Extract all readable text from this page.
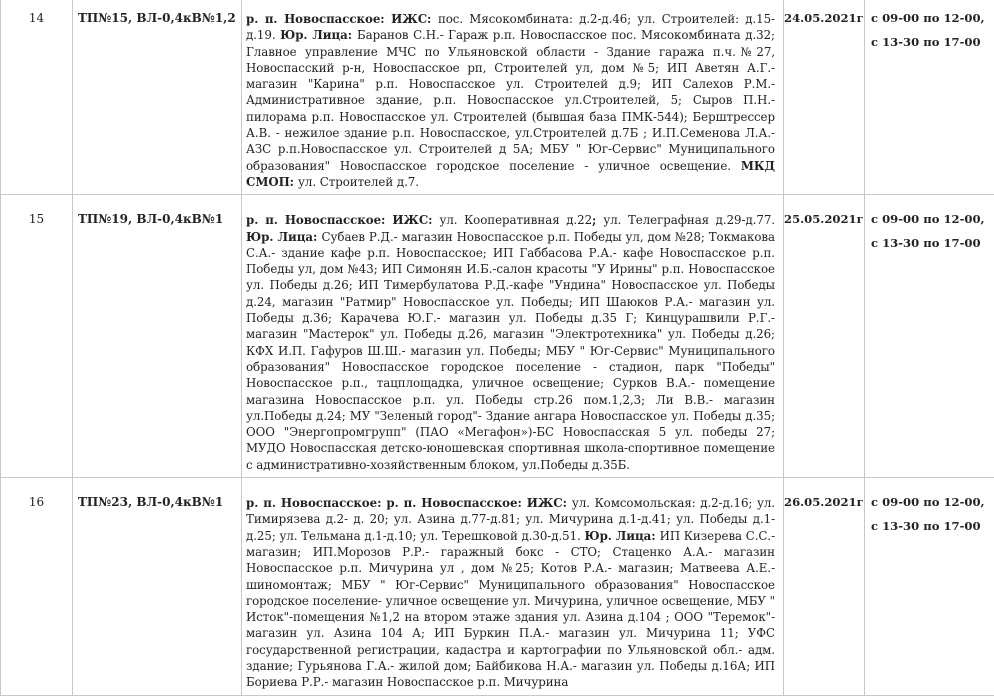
14	ТП№15, ВЛ-0,4кВ№1,2	р. п. Новоспасское: ИЖС: пос. Мясокомбината: д.2-д.46; ул. Строителей: д.15-д.19. Юр. Лица: Баранов С.Н.- Гараж р.п. Новоспасское пос. Мясокомбината д.32; Главное управление МЧС по Ульяновской области - Здание гаража п.ч.№27, Новоспасский р-н, Новоспасское рп, Строителей ул, дом №5; ИП Аветян А.Г.- магазин "Карина" р.п. Новоспасское ул. Строителей д.9; ИП Салехов Р.М.- Административное здание, р.п. Новоспасское ул.Строителей, 5; Сыров П.Н.- пилорама р.п. Новоспасское ул. Строителей (бывшая база ПМК-544); Берштрессер А.В. - нежилое здание р.п. Новоспасское, ул.Строителей д.7Б ; И.П.Семенова Л.А.- АЗС р.п.Новоспасское ул. Строителей д 5А; МБУ " Юг-Сервис" Муниципального образования" Новоспасское городское поселение - уличное освещение. МКД СМОП: ул. Строителей д.7.	24.05.2021г	с 09-00 по 12-00,
с 13-30 по 17-00

15	ТП№19, ВЛ-0,4кВ№1	р. п. Новоспасское: ИЖС: ул. Кооперативная д.22; ул. Телеграфная д.29-д.77. Юр. Лица: Субаев Р.Д.- магазин Новоспасское р.п. Победы ул, дом №28; Токмакова С.А.- здание кафе р.п. Новоспасское; ИП Габбасова Р.А.- кафе Новоспасское р.п. Победы ул, дом №43; ИП Симонян И.Б.-салон красоты "У Ирины" р.п. Новоспасское ул. Победы д.26; ИП Тимербулатова Р.Д.-кафе "Ундина" Новоспасское ул. Победы д.24, магазин "Ратмир" Новоспасское ул. Победы; ИП Шаюков Р.А.- магазин ул. Победы д.36; Карачева Ю.Г.- магазин ул. Победы д.35 Г; Кинцурашвили Р.Г.- магазин "Мастерок" ул. Победы д.26, магазин "Электротехника" ул. Победы д.26; КФХ И.П. Гафуров Ш.Ш.- магазин ул. Победы; МБУ " Юг-Сервис" Муниципального образования" Новоспасское городское поселение - стадион, парк "Победы" Новоспасское р.п., тацплощадка, уличное освещение; Сурков В.А.- помещение магазина Новоспасское р.п. ул. Победы стр.26 пом.1,2,3; Ли В.В.- магазин ул.Победы д.24; МУ "Зеленый город"- Здание ангара Новоспасское ул. Победы д.35; ООО "Энергопромгрупп" (ПАО «Мегафон»)-БС Новоспасская 5 ул. победы 27; МУДО Новоспасская детско-юношевская спортивная школа-спортивное помещение с административно-хозяйственным блоком, ул.Победы д.35Б.	25.05.2021г	с 09-00 по 12-00,
с 13-30 по 17-00

16	ТП№23, ВЛ-0,4кВ№1	р. п. Новоспасское: р. п. Новоспасское: ИЖС: ул. Комсомольская: д.2-д.16; ул. Тимирязева д.2- д. 20; ул. Азина д.77-д.81; ул. Мичурина д.1-д.41; ул. Победы д.1-д.25; ул. Тельмана д.1-д.10; ул. Терешковой д.30-д.51. Юр. Лица: ИП Кизерева С.С.- магазин; ИП.Морозов Р.Р.- гаражный бокс - СТО; Стаценко А.А.- магазин Новоспасское р.п. Мичурина ул , дом №25; Котов Р.А.- магазин; Матвеева А.Е.- шиномонтаж; МБУ " Юг-Сервис" Муниципального образования" Новоспасское городское поселение- уличное освещение ул. Мичурина, уличное освещение, МБУ " Исток"-помещения №1,2 на втором этаже здания ул. Азина д.104 ; ООО "Теремок"- магазин ул. Азина 104 А; ИП Буркин П.А.- магазин ул. Мичурина 11; УФС государственной регистрации, кадастра и картографии по Ульяновской обл.- адм. здание; Гурьянова Г.А.- жилой дом; Байбикова Н.А.- магазин ул. Победы д.16А; ИП Бориева Р.Р.- магазин Новоспасское р.п. Мичурина	26.05.2021г	с 09-00 по 12-00,
с 13-30 по 17-00
